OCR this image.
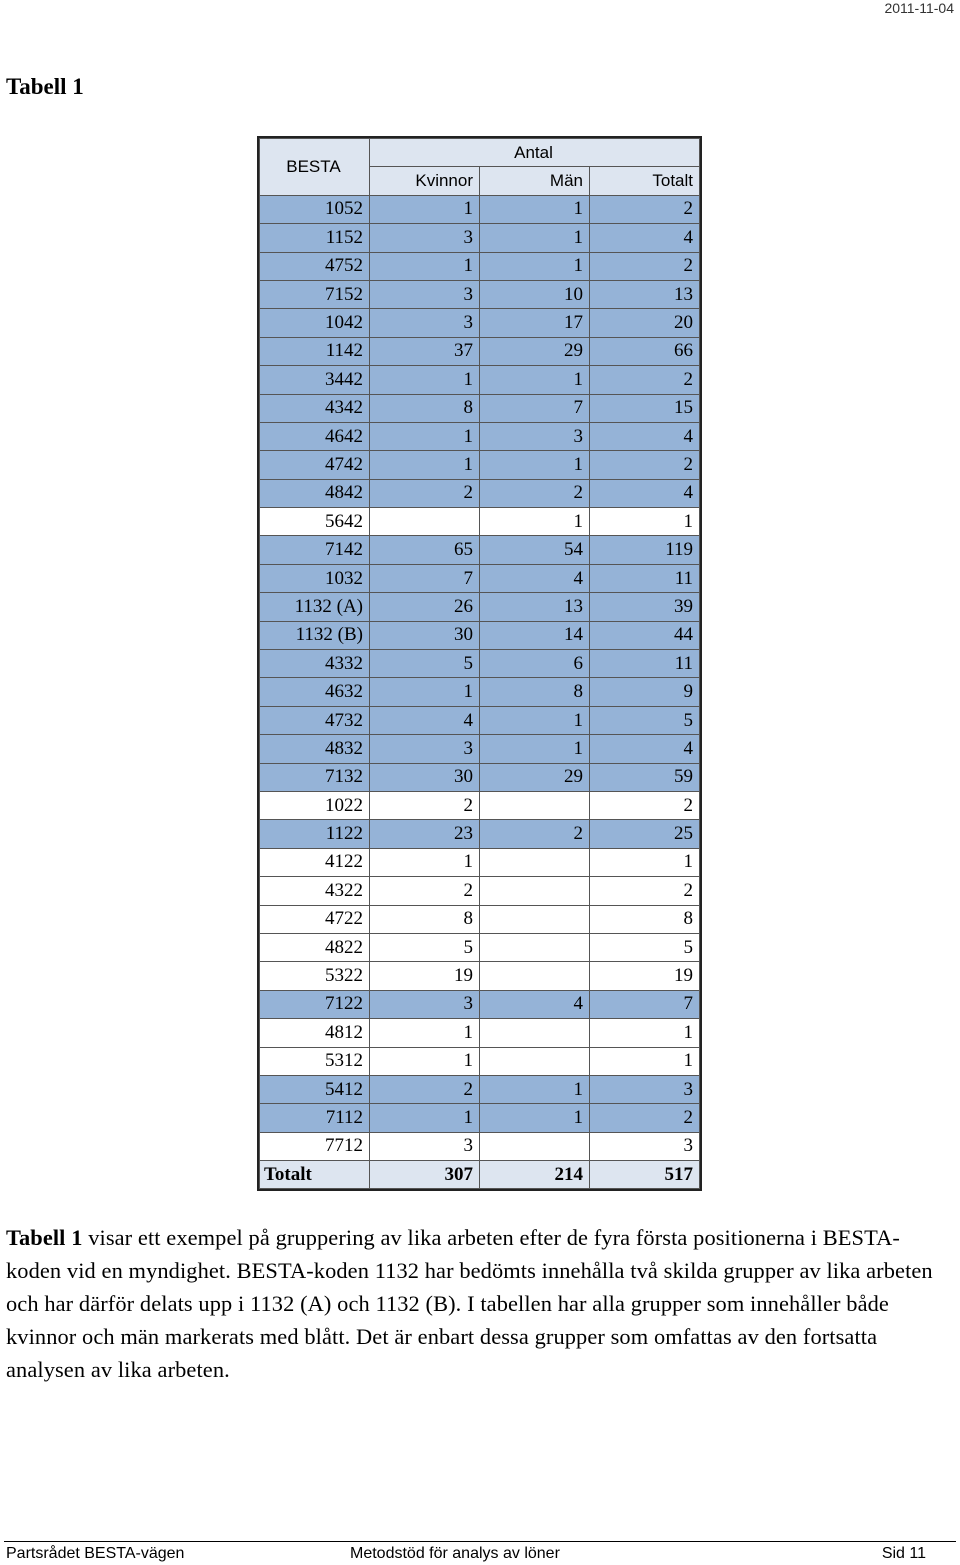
2011-11-04
Tabell 1
BESTA	Antal		
	Kvinnor	Män	Totalt
1052	1	1	2
1152	3	1	4
4752	1	1	2
7152	3	10	13
1042	3	17	20
1142	37	29	66
3442	1	1	2
4342	8	7	15
4642	1	3	4
4742	1	1	2
4842	2	2	4
5642		1	1
7142	65	54	119
1032	7	4	11
1132 (A)	26	13	39
1132 (B)	30	14	44
4332	5	6	11
4632	1	8	9
4732	4	1	5
4832	3	1	4
7132	30	29	59
1022	2		2
1122	23	2	25
4122	1		1
4322	2		2
4722	8		8
4822	5		5
5322	19		19
7122	3	4	7
4812	1		1
5312	1		1
5412	2	1	3
7112	1	1	2
7712	3		3
Totalt	307	214	517
Tabell 1 visar ett exempel på gruppering av lika arbeten efter de fyra första positionerna i BESTA-koden vid en myndighet. BESTA-koden 1132 har bedömts innehålla två skilda grupper av lika arbeten och har därför delats upp i 1132 (A) och 1132 (B). I tabellen har alla grupper som innehåller både kvinnor och män markerats med blått. Det är enbart dessa grupper som omfattas av den fortsatta analysen av lika arbeten.
Partsrådet BESTA-vägen	Metodstöd för analys av löner	Sid 11
